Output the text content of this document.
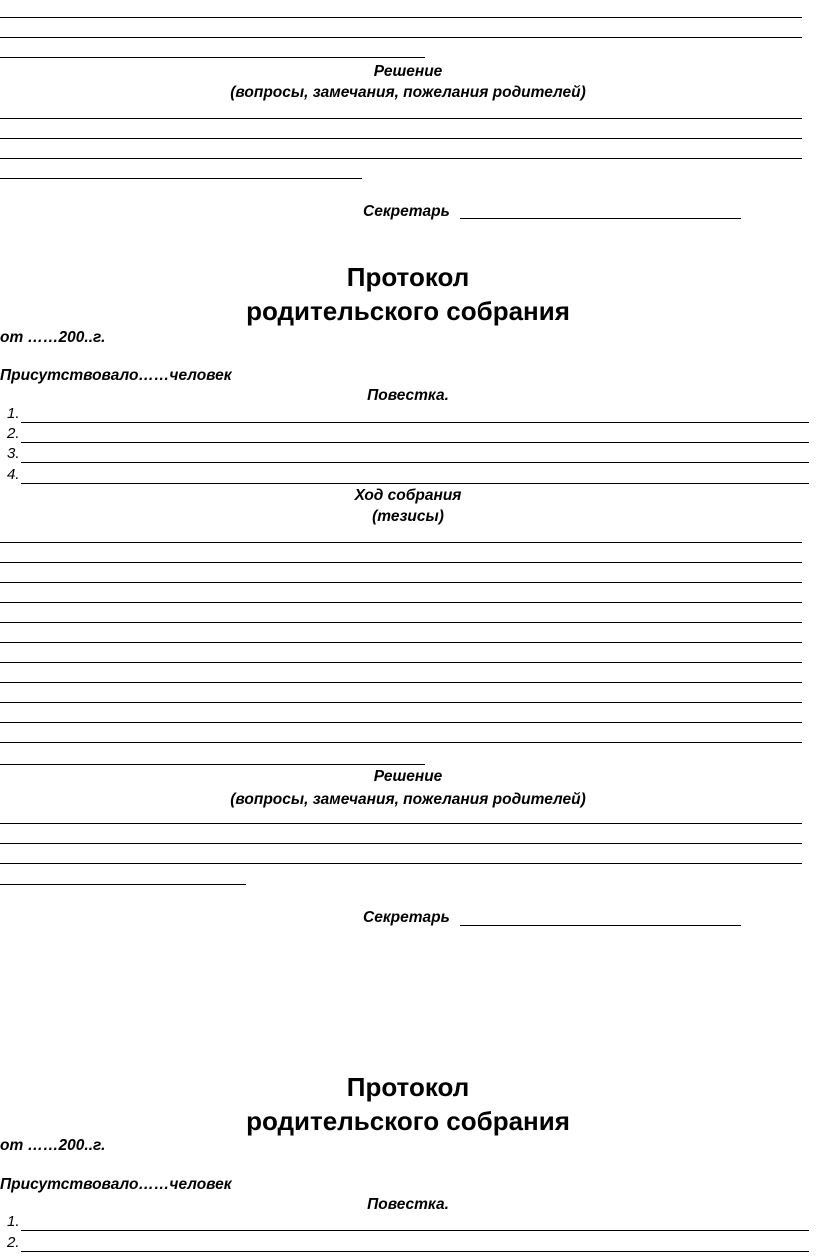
Решение
(вопросы, замечания, пожелания родителей)
Секретарь
Протокол
родительского собрания
от ……200..г.
Присутствовало……человек
Повестка.
1.
2.
3.
4.
Ход собрания
(тезисы)
Решение
(вопросы, замечания, пожелания родителей)
Секретарь
Протокол
родительского собрания
от ……200..г.
Присутствовало……человек
Повестка.
1.
2.
